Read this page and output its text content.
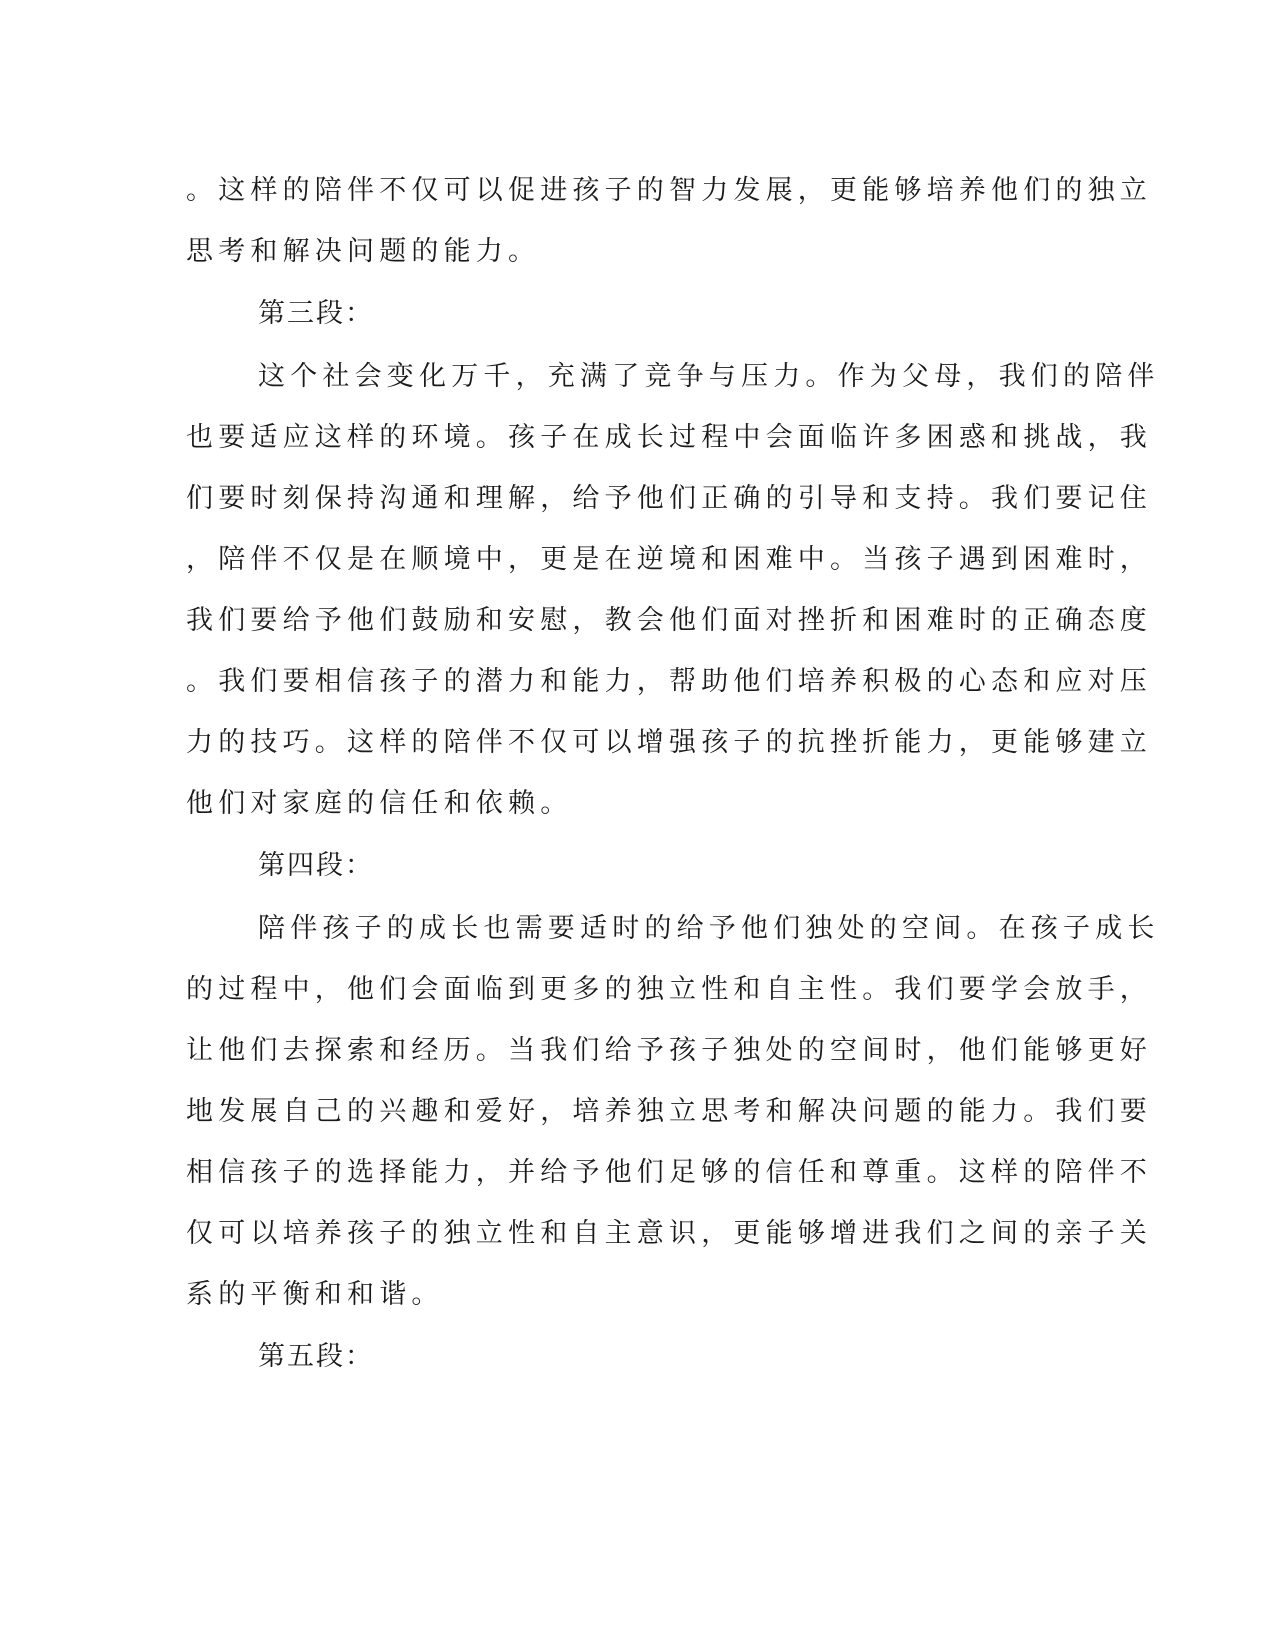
。这样的陪伴不仅可以促进孩子的智力发展，更能够培养他们的独立
思考和解决问题的能力。
第三段：
这个社会变化万千，充满了竞争与压力。作为父母，我们的陪伴
也要适应这样的环境。孩子在成长过程中会面临许多困惑和挑战，我
们要时刻保持沟通和理解，给予他们正确的引导和支持。我们要记住
，陪伴不仅是在顺境中，更是在逆境和困难中。当孩子遇到困难时，
我们要给予他们鼓励和安慰，教会他们面对挫折和困难时的正确态度
。我们要相信孩子的潜力和能力，帮助他们培养积极的心态和应对压
力的技巧。这样的陪伴不仅可以增强孩子的抗挫折能力，更能够建立
他们对家庭的信任和依赖。
第四段：
陪伴孩子的成长也需要适时的给予他们独处的空间。在孩子成长
的过程中，他们会面临到更多的独立性和自主性。我们要学会放手，
让他们去探索和经历。当我们给予孩子独处的空间时，他们能够更好
地发展自己的兴趣和爱好，培养独立思考和解决问题的能力。我们要
相信孩子的选择能力，并给予他们足够的信任和尊重。这样的陪伴不
仅可以培养孩子的独立性和自主意识，更能够增进我们之间的亲子关
系的平衡和和谐。
第五段：
